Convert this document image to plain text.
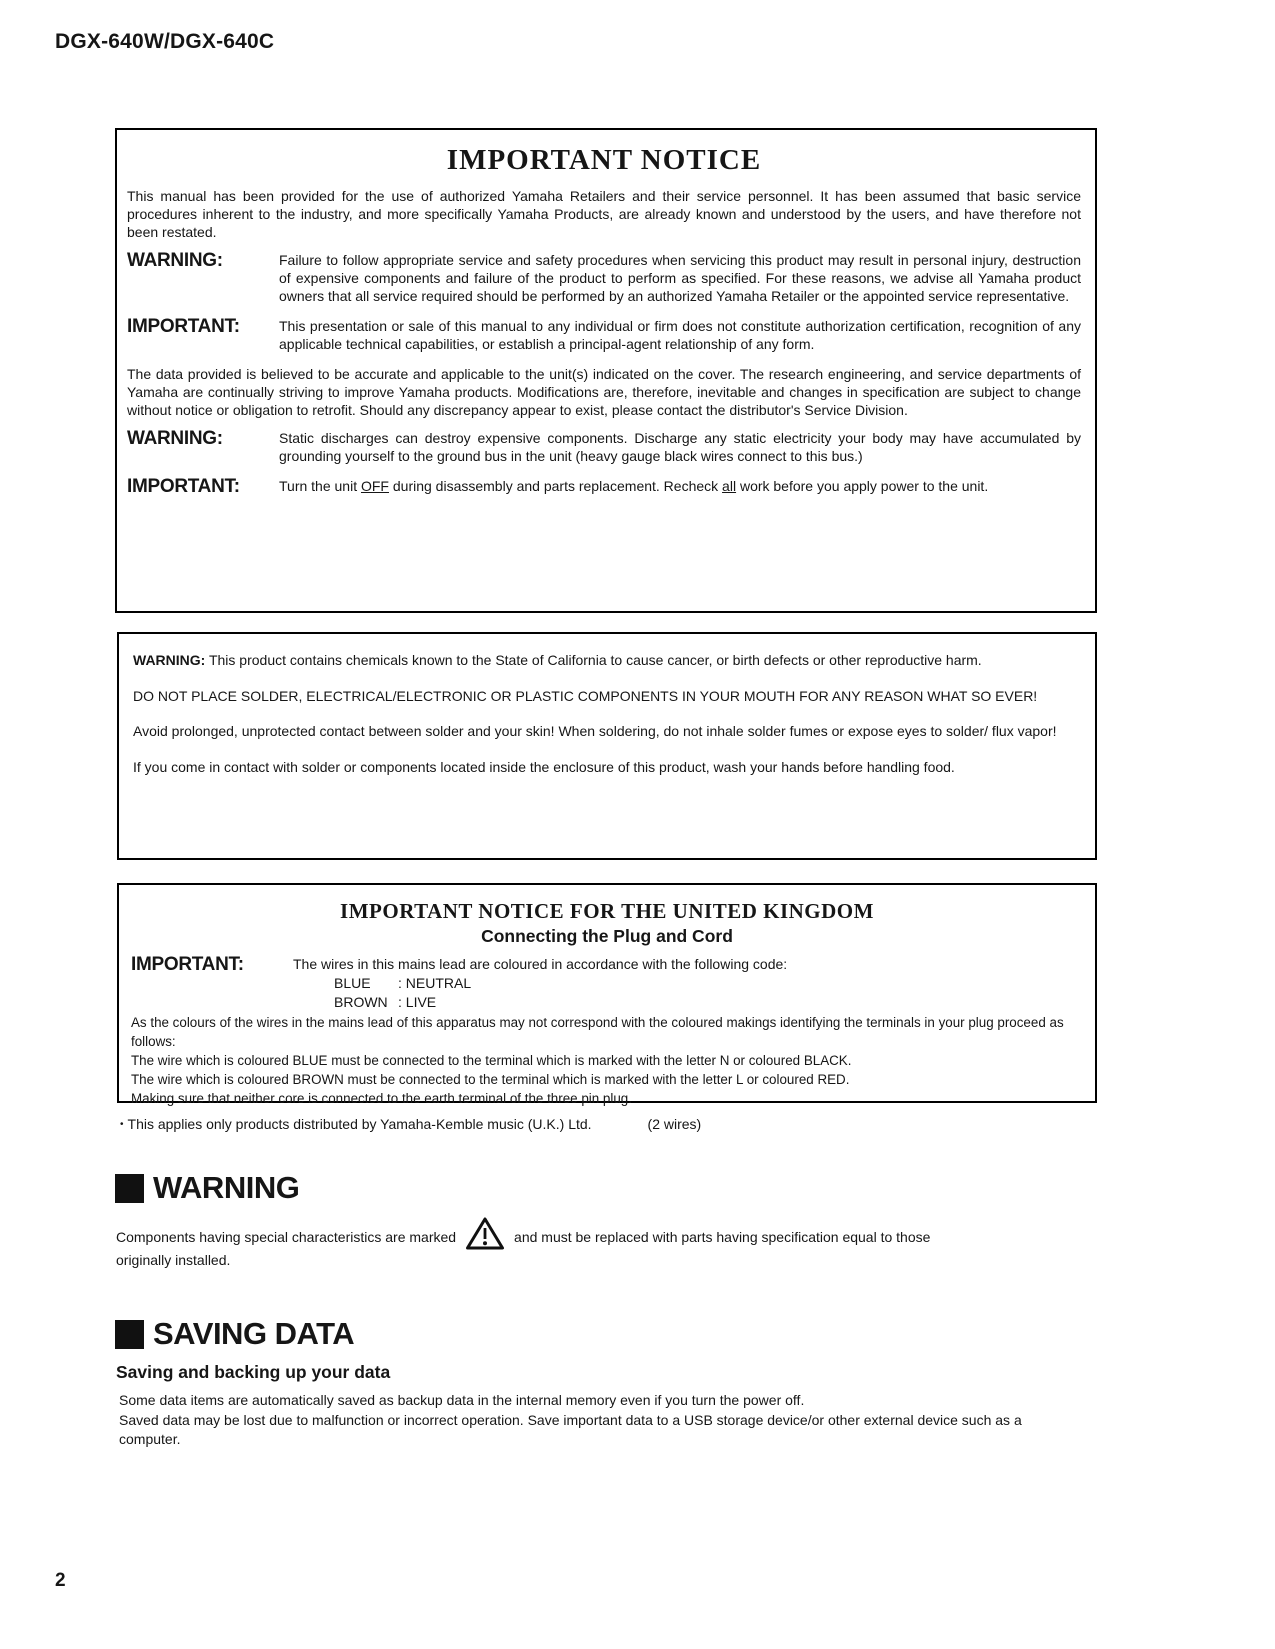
DGX-640W/DGX-640C
IMPORTANT NOTICE

This manual has been provided for the use of authorized Yamaha Retailers and their service personnel. It has been assumed that basic service procedures inherent to the industry, and more specifically Yamaha Products, are already known and understood by the users, and have therefore not been restated.

WARNING:	Failure to follow appropriate service and safety procedures when servicing this product may result in personal injury, destruction of expensive components and failure of the product to perform as specified. For these reasons, we advise all Yamaha product owners that all service required should be performed by an authorized Yamaha Retailer or the appointed service representative.
IMPORTANT:	This presentation or sale of this manual to any individual or firm does not constitute authorization certification, recognition of any applicable technical capabilities, or establish a principal-agent relationship of any form.

The data provided is believed to be accurate and applicable to the unit(s) indicated on the cover. The research engineering, and service departments of Yamaha are continually striving to improve Yamaha products. Modifications are, therefore, inevitable and changes in specification are subject to change without notice or obligation to retrofit. Should any discrepancy appear to exist, please contact the distributor's Service Division.

WARNING:	Static discharges can destroy expensive components. Discharge any static electricity your body may have accumulated by grounding yourself to the ground bus in the unit (heavy gauge black wires connect to this bus.)
IMPORTANT:	Turn the unit OFF during disassembly and parts replacement. Recheck all work before you apply power to the unit.

WARNING: This product contains chemicals known to the State of California to cause cancer, or birth defects or other reproductive harm.

DO NOT PLACE SOLDER, ELECTRICAL/ELECTRONIC OR PLASTIC COMPONENTS IN YOUR MOUTH FOR ANY REASON WHAT SO EVER!

Avoid prolonged, unprotected contact between solder and your skin! When soldering, do not inhale solder fumes or expose eyes to solder/ flux vapor!

If you come in contact with solder or components located inside the enclosure of this product, wash your hands before handling food.

IMPORTANT NOTICE FOR THE UNITED KINGDOM
Connecting the Plug and Cord
IMPORTANT:	The wires in this mains lead are coloured in accordance with the following code:
BLUE : NEUTRAL
BROWN : LIVE
As the colours of the wires in the mains lead of this apparatus may not correspond with the coloured makings identifying the terminals in your plug proceed as follows:
The wire which is coloured BLUE must be connected to the terminal which is marked with the letter N or coloured BLACK.
The wire which is coloured BROWN must be connected to the terminal which is marked with the letter L or coloured RED.
Making sure that neither core is connected to the earth terminal of the three pin plug.
• This applies only products distributed by Yamaha-Kemble music (U.K.) Ltd.	(2 wires)
WARNING
Components having special characteristics are marked	and must be replaced with parts having specification equal to those
originally installed.
SAVING DATA
Saving and backing up your data
Some data items are automatically saved as backup data in the internal memory even if you turn the power off.
Saved data may be lost due to malfunction or incorrect operation. Save important data to a USB storage device/or other external device such as a computer.
2
